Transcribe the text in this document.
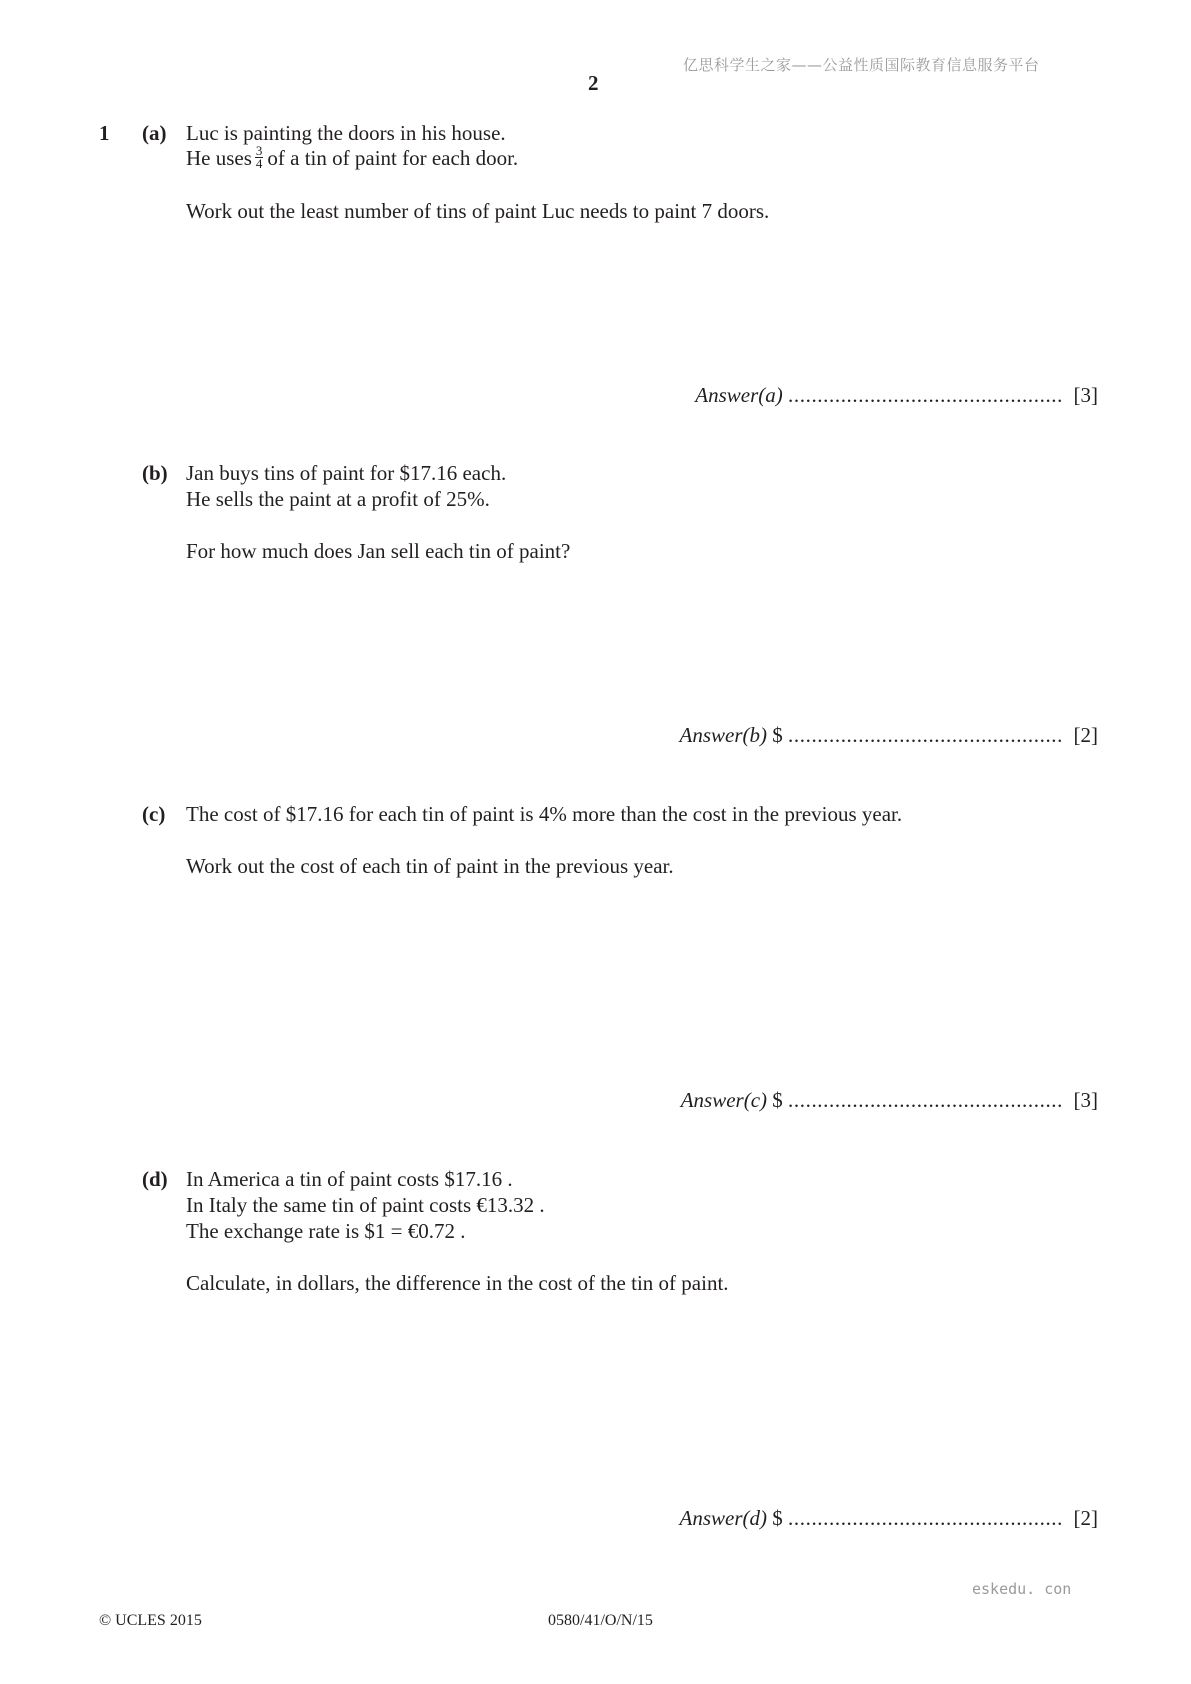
亿思科学生之家——公益性质国际教育信息服务平台
2
1 (a) Luc is painting the doors in his house.
He uses $\frac{3}{4}$ of a tin of paint for each door.
Work out the least number of tins of paint Luc needs to paint 7 doors.
Answer(a) ............................................... [3]
(b) Jan buys tins of paint for $17.16 each.
He sells the paint at a profit of 25%.
For how much does Jan sell each tin of paint?
Answer(b) $ ............................................... [2]
(c) The cost of $17.16 for each tin of paint is 4% more than the cost in the previous year.
Work out the cost of each tin of paint in the previous year.
Answer(c) $ ............................................... [3]
(d) In America a tin of paint costs $17.16 .
In Italy the same tin of paint costs €13.32 .
The exchange rate is $1 = €0.72 .
Calculate, in dollars, the difference in the cost of the tin of paint.
Answer(d) $ ............................................... [2]
eskedu. con
© UCLES 2015	0580/41/O/N/15
